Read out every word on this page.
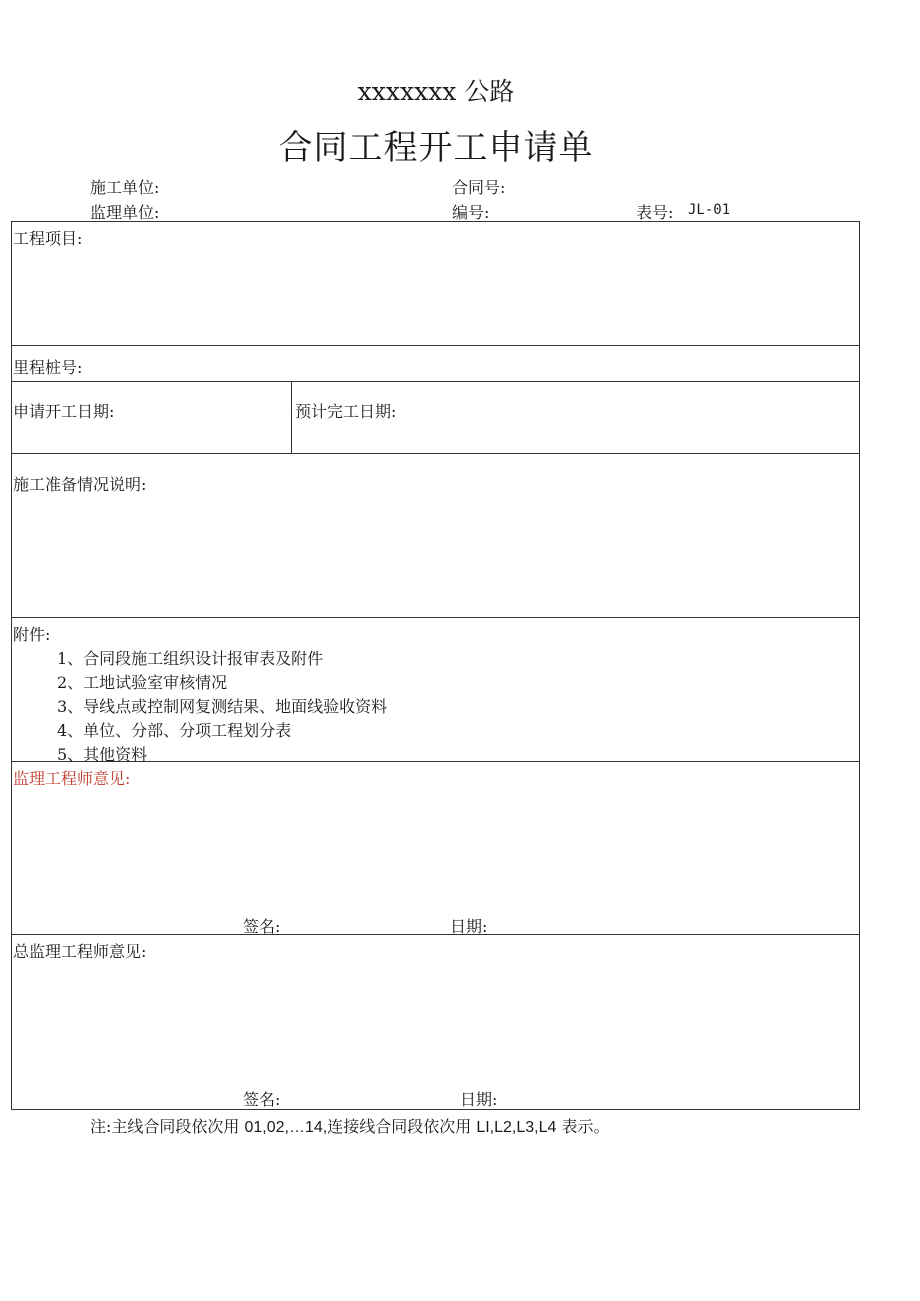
xxxxxxx 公路
合同工程开工申请单
施工单位:	合同号:
监理单位:	编号:	表号: JL-01
工程项目:
里程桩号:
申请开工日期:	预计完工日期:
施工准备情况说明:
附件:
1、合同段施工组织设计报审表及附件
2、工地试验室审核情况
3、导线点或控制网复测结果、地面线验收资料
4、单位、分部、分项工程划分表
5、其他资料
监理工程师意见:
签名:	日期:
总监理工程师意见:
签名:	日期:
注:主线合同段依次用 01,02,…14,连接线合同段依次用 LI,L2,L3,L4 表示。
